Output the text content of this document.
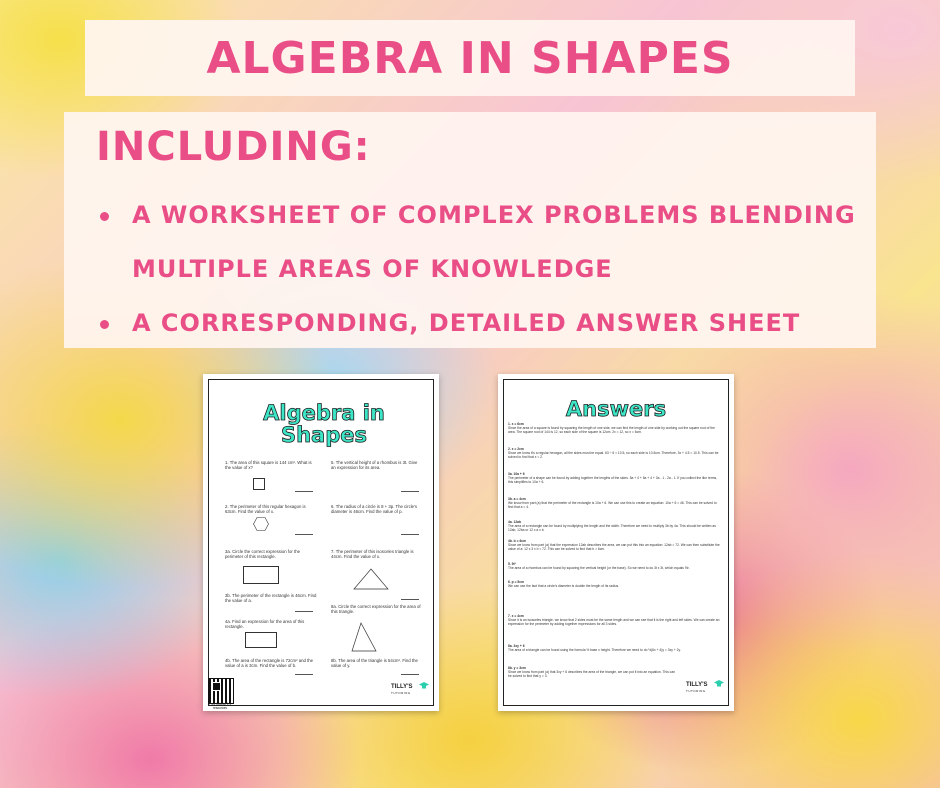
ALGEBRA IN SHAPES
INCLUDING:
A WORKSHEET OF COMPLEX PROBLEMS BLENDING MULTIPLE AREAS OF KNOWLEDGE
A CORRESPONDING, DETAILED ANSWER SHEET
Algebra in Shapes
1. The area of this square is 144 cm². What is the value of x?
2. The perimeter of this regular hexagon is 63cm. Find the value of x.
3a. Circle the correct expression for the perimeter of this rectangle.
3b. The perimeter of the rectangle is 46cm. Find the value of a.
4a. Find an expression for the area of this rectangle.
4b. The area of the rectangle is 72cm² and the value of a is 3cm. Find the value of b.
5. The vertical height of a rhombus is 3t. Give an expression for its area.
6. The radius of a circle is 8 + 3p. The circle's diameter is 46cm. Find the value of p.
7. The perimeter of this isosceles triangle is 44cm. Find the value of x.
8a. Circle the correct expression for the area of this triangle.
8b. The area of the triangle is 54cm². Find the value of y.
TILLY'S
TUTORING
Free tutorial 1:1 resources
Answers
1. x = 6cm
Since the area of a square is found by squaring the length of one side, we can find the length of one side by working out the square root of the area. The square root of 144 is 12, so each side of the square is 12cm. 2x = 12, so x = 6cm.
2. x = 2cm
Since we know it's a regular hexagon, all the sides must be equal. 63 ÷ 6 = 10.5, so each side is 10.5cm. Therefore, 3x + 4.5 = 10.5. This can be solved to find that x = 2.
3a. 10a + 6
The perimeter of a shape can be found by adding together the lengths of the sides. 5a + 4 + 5a + 4 + 3a - 1 - 2a - 1. If you collect the like terms, this simplifies to 10a + 6.
3b. a = 4cm
We know from part (a) that the perimeter of the rectangle is 10a + 6. We can use this to create an equation: 10a + 6 = 46. This can be solved to find that a = 4.
4a. 12ab
The area of a rectangle can be found by multiplying the length and the width. Therefore we need to multiply 3b by 4a. This should be written as 12ab, 12ba or 12 x a x b.
4b. b = 6cm
Since we know from part (a) that the expression 12ab describes the area, we can put this into an equation: 12ab = 72. We can then substitute the value of a: 12 x 3 x b = 72. This can be solved to find that b = 6cm.
5. 9t²
The area of a rhombus can be found by squaring the vertical height (or the base). So we need to do 3t x 3t, which equals 9t².
6. p = 5cm
We can use the fact that a circle's diameter is double the length of its radius.
7. x = 4cm
Since it is an isosceles triangle, we know that 2 sides must be the same length and we can see that it is the right and left sides. We can create an expression for the perimeter by adding together expressions for all 3 sides.
8a. 3xy + 6
The area of a triangle can be found using the formula ½ base x height. Therefore we need to do ½(6x + 4)y = 3xy + 2y.
8b. y = 3cm
Since we know from part (a) that 3xy + 6 describes the area of the triangle, we can put it into an equation. This can be solved to find that y = 3.
TILLY'S
TUTORING
